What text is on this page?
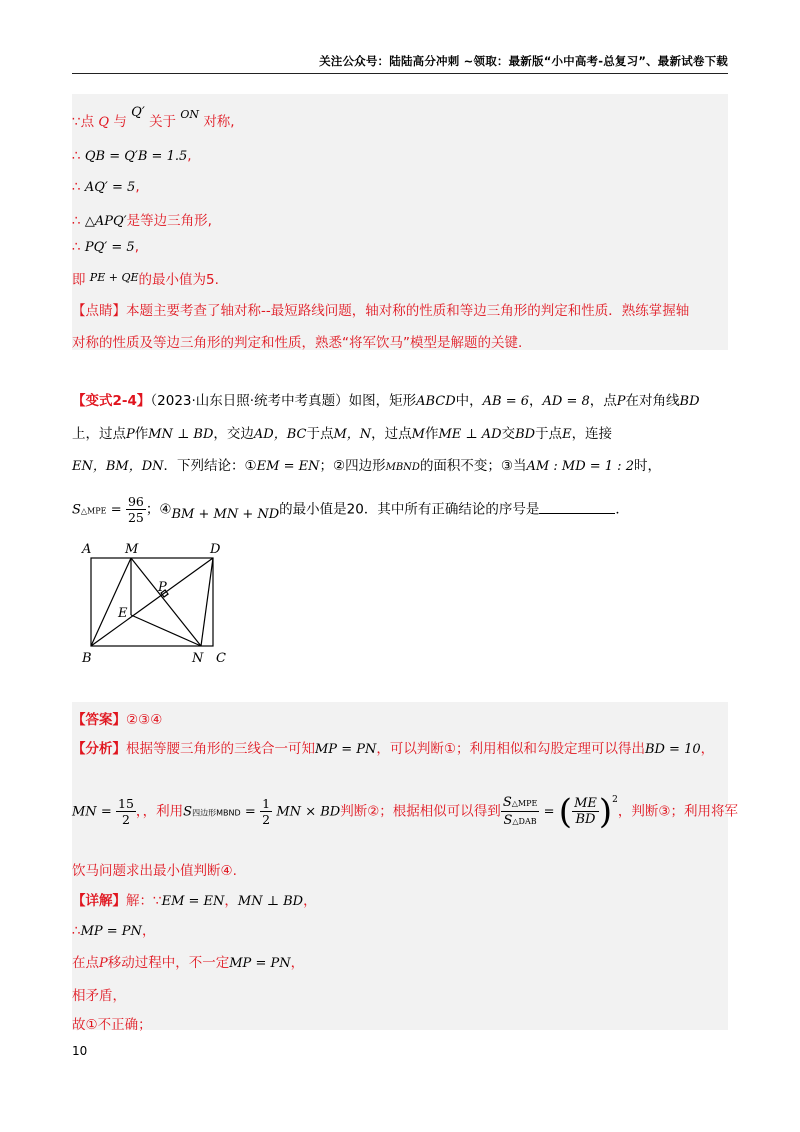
关注公众号：陆陆高分冲刺 ~领取：最新版“小中高考-总复习”、最新试卷下载
∵点 Q 与 Q′ 关于 $^{ON}$ 对称,
∴ QB = Q′B = 1.5,
∴ AQ′ = 5,
∴ △APQ′是等边三角形,
∴ PQ′ = 5,
即 $^{PE + QE}$的最小值为5.
【点睛】本题主要考查了轴对称--最短路线问题，轴对称的性质和等边三角形的判定和性质．熟练掌握轴
对称的性质及等边三角形的判定和性质，熟悉“将军饮马”模型是解题的关键.
【变式2-4】（2023·山东日照·统考中考真题）如图，矩形ABCD中，AB = 6，AD = 8，点P在对角线BD
上，过点P作MN ⊥ BD，交边AD，BC于点M，N，过点M作ME ⊥ AD交BD于点E，连接
EN，BM，DN．下列结论：①EM = EN；②四边形MBND的面积不变；③当AM : MD = 1 : 2时，
S△MPE = $\frac{96}{25}$ ；④BM + MN + ND的最小值是20．其中所有正确结论的序号是	．
A	M	D
P
E
B	N C
【答案】②③④
【分析】根据等腰三角形的三线合一可知MP = PN，可以判断①；利用相似和勾股定理可以得出BD = 10，
MN = $\frac{15}{2}$ ，，利用S四边形MBND = $\frac{1}{2}$ MN × BD判断②；根据相似可以得到 $\frac{\text{S△MPE}}{\text{S△DAB}}$ = ( $\frac{ME}{BD} )^2$，判断③；利用将军
饮马问题求出最小值判断④.
【详解】解：∵EM = EN，MN ⊥ BD，
∴MP = PN，
在点P移动过程中，不一定MP = PN，
相矛盾，
故①不正确；
10
